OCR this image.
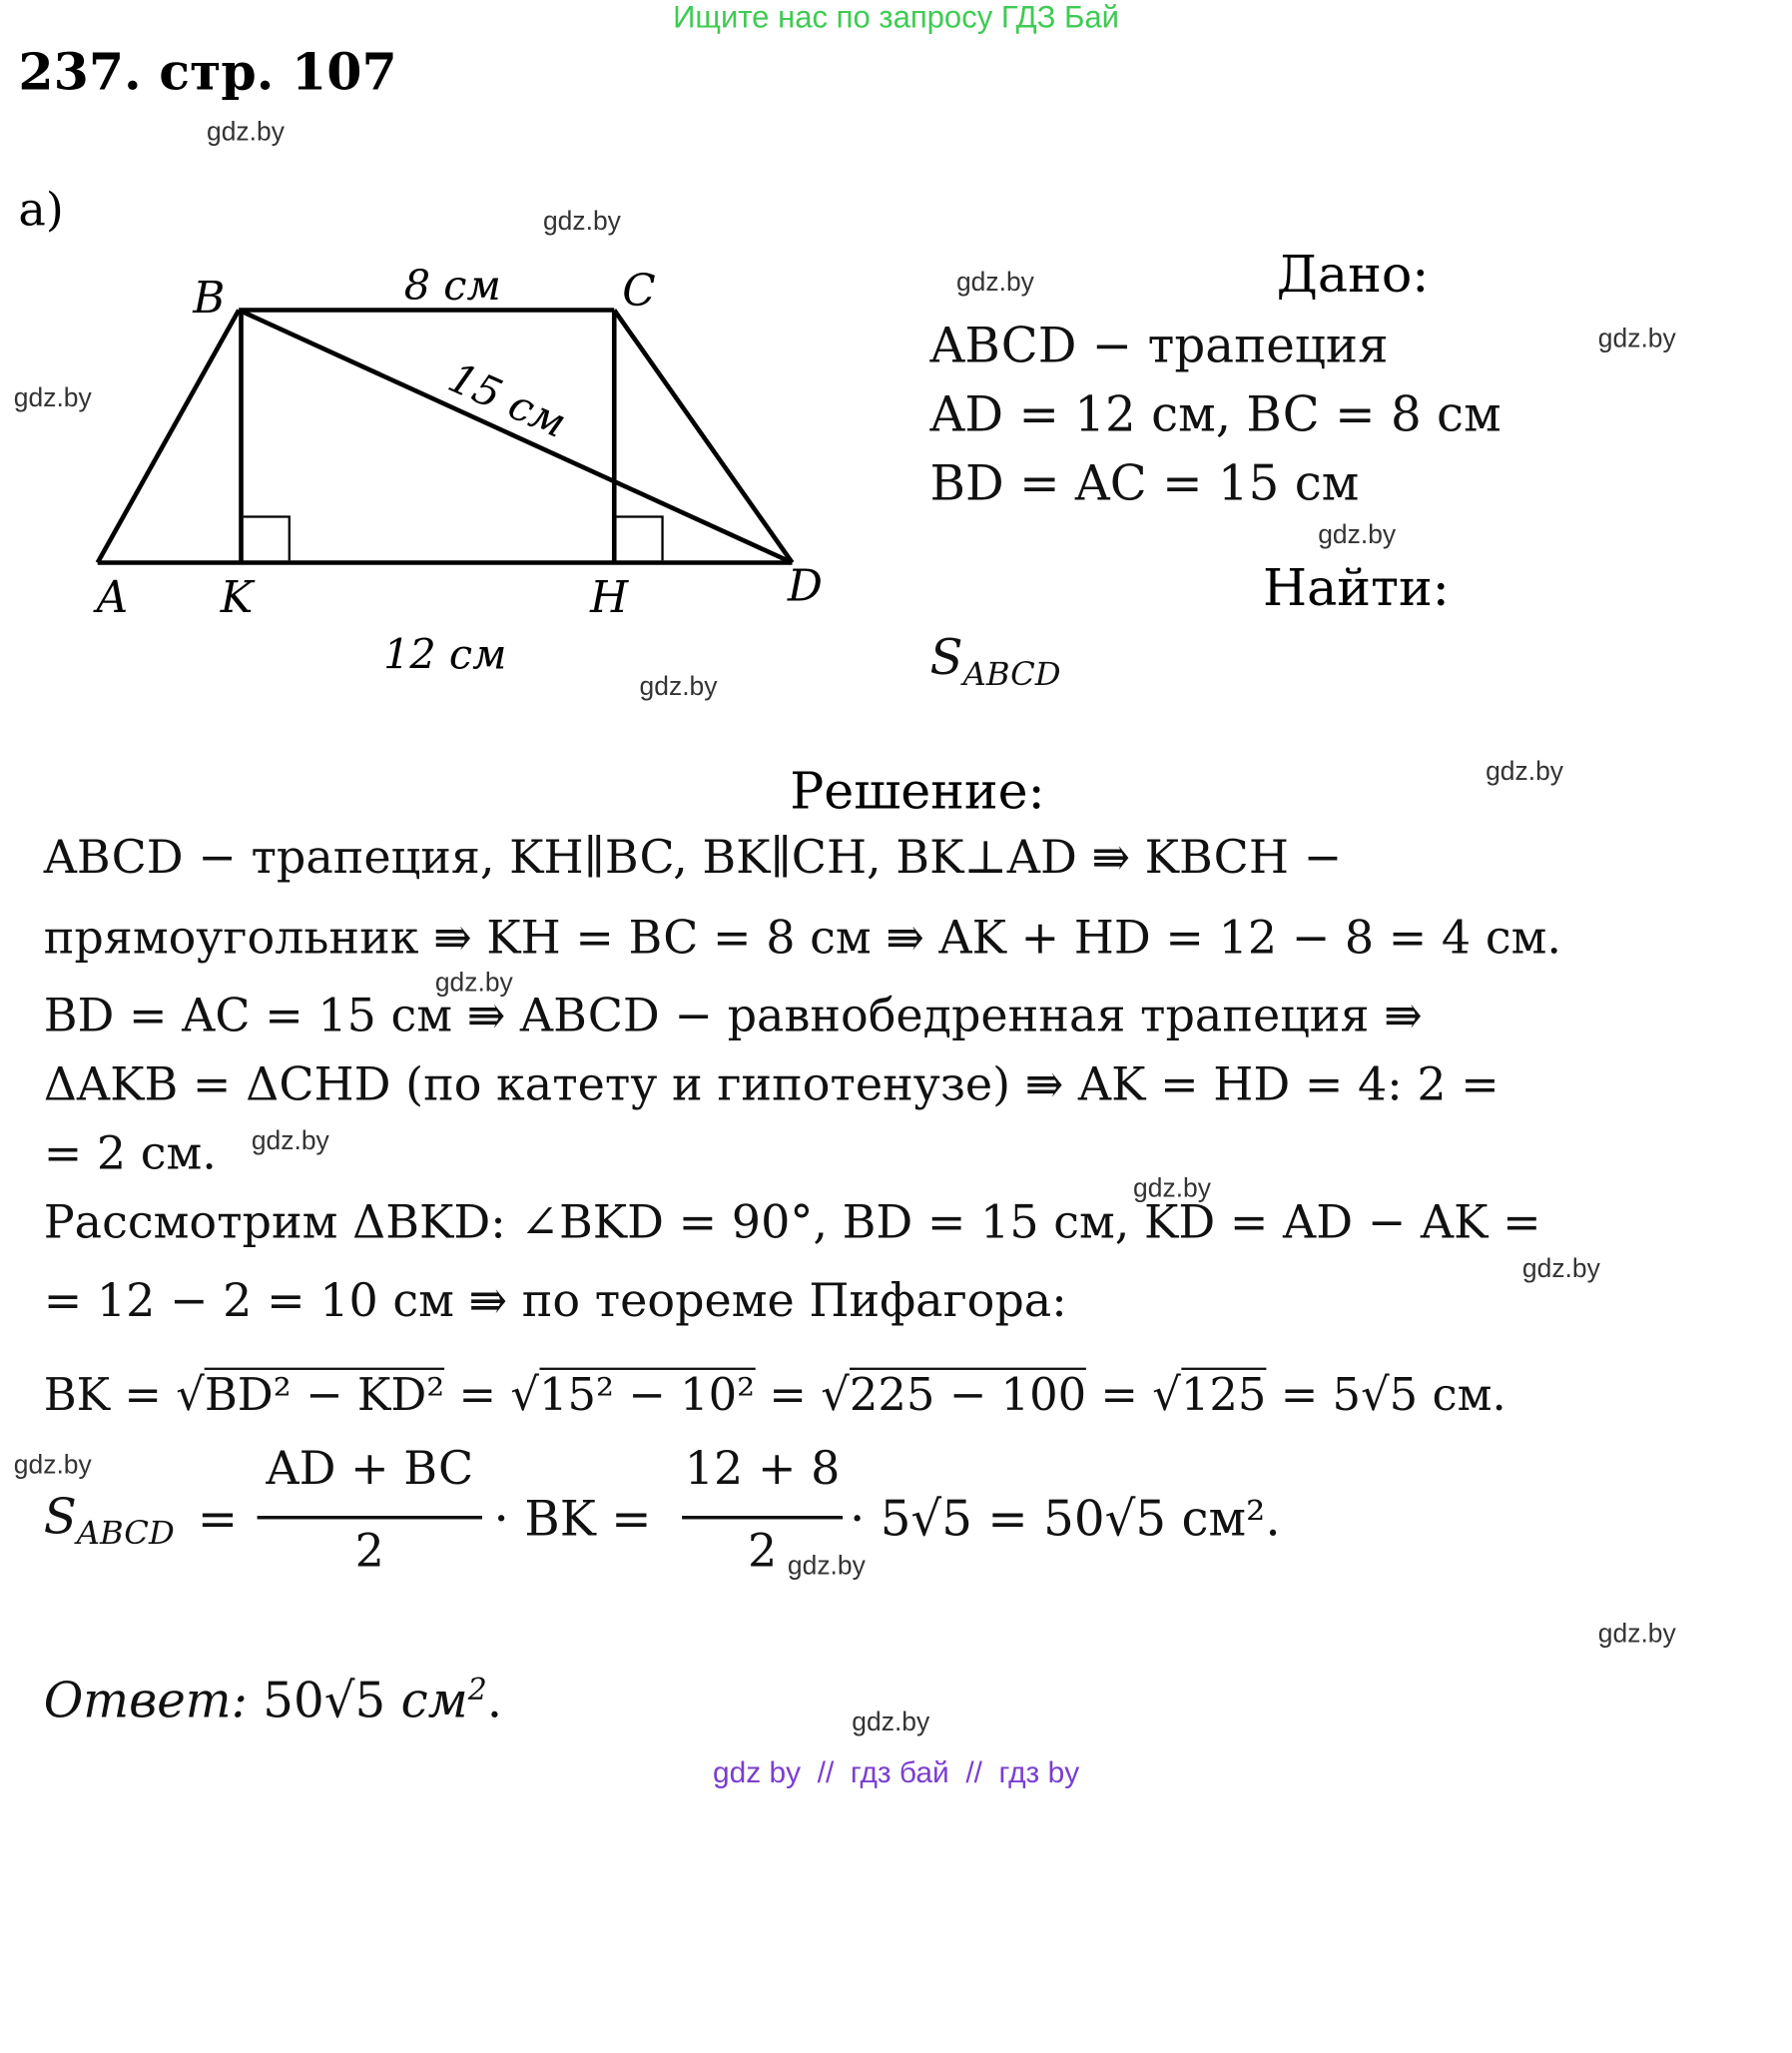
Ищите нас по запросу ГДЗ Бай
237. стр. 107
а)
A K	H	D
B	C
8 см
12 см
15 см
Дано:
ABCD − трапеция
AD = 12 см, BC = 8 см
BD = AC = 15 см
Найти:
$S_{ABCD}$
Решение:
ABCD − трапеция, KH∥BC, BK∥CH, BK⊥AD ⇛ KBCH −
прямоугольник ⇛ KH = BC = 8 см ⇛ AK + HD = 12 − 8 = 4 см.
BD = AC = 15 см ⇛ ABCD − равнобедренная трапеция ⇛
ΔAKB = ΔCHD (по катету и гипотенузе) ⇛ AK = HD = 4: 2 =
= 2 см.
Рассмотрим ΔBKD: ∠BKD = 90°, BD = 15 см, KD = AD − AK =
= 12 − 2 = 10 см ⇛ по теореме Пифагора:
BK = √BD² − KD² = √15² − 10² = √225 − 100 = √125 = 5√5 см.
$S_{ABCD}$ =
AD + BC
2
· BK =
12 + 8
2
· 5√5 = 50√5 см².
Ответ: 50√5 $см^2$.
gdz.by
gdz.by
gdz.by
gdz.by
gdz.by
gdz.by
gdz.by
gdz.by
gdz.by
gdz.by
gdz.by
gdz.by
gdz.by
gdz.by
gdz.by
gdz.by
gdz by  //  гдз бай  //  гдз by
